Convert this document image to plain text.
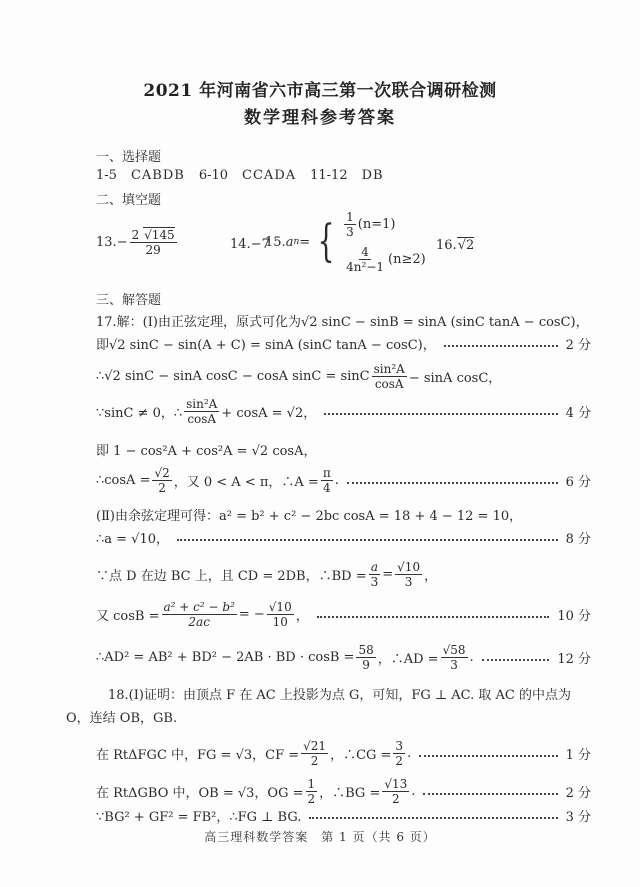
2021 年河南省六市高三第一次联合调研检测
数学理科参考答案
一、选择题
1-5 CABDB 6-10 CCADA 11-12 DB
二、填空题
13. − $\frac{2 √ 145}{29}$	14. −7
15. a n = { $\frac{1}{3} (n=1)$
$\frac{4}{\text{4n²−1}} (n\ge 2)$
16. √ 2
三、解答题
17.解：(Ⅰ)由正弦定理，原式可化为√2 sinC − sinB = sinA (sinC tanA − cosC)，
即√2 sinC − sin(A + C) = sinA (sinC tanA − cosC)，	2 分
∴√2 sinC − sinA cosC − cosA sinC = sinC $\frac{\text{sin²A}}{\cos A} - \sin A$ cosC，
∵sinC ≠ 0，∴ $\frac{\text{sin²A}}{\cos A} + \cos A = √2$，	4 分
即 1 − cos²A + cos²A = √2 cosA，
∴cosA = $\frac{√2}{2}$ ，又 0 < A < π，∴A = $\frac{\pi}{4}$ .	6 分
(Ⅱ)由余弦定理可得：a² = b² + c² − 2bc cosA = 18 + 4 − 12 = 10，
∴a = √10，	8 分
∵点 D 在边 BC 上，且 CD = 2DB，∴BD = $\frac{a}{3} = \frac{√10}{3}$ ，
又 $\cos B = \frac{\text{a² + c² − b²}}{2ac}$ = − $\frac{√10}{10}$ ，	10 分
∴AD² = AB² + BD² − 2AB · BD · $\cos B = \frac{58}{9}$ ，∴AD = $\frac{√58}{3}$ .	12 分
18.(Ⅰ)证明：由顶点 F 在 AC 上投影为点 G，可知，FG ⊥ AC. 取 AC 的中点为
O，连结 OB，GB.
在 RtΔFGC 中，FG = √3，CF = $\frac{√21}{2}$ ，∴CG = $\frac{3}{2}$ .	1 分
在 RtΔGBO 中，OB = √3，OG = $\frac{1}{2}$ ，∴BG = $\frac{√13}{2}$ .	2 分
∵BG² + GF² = FB²，∴FG ⊥ BG.	3 分
高三理科数学答案　第 1 页（共 6 页）
